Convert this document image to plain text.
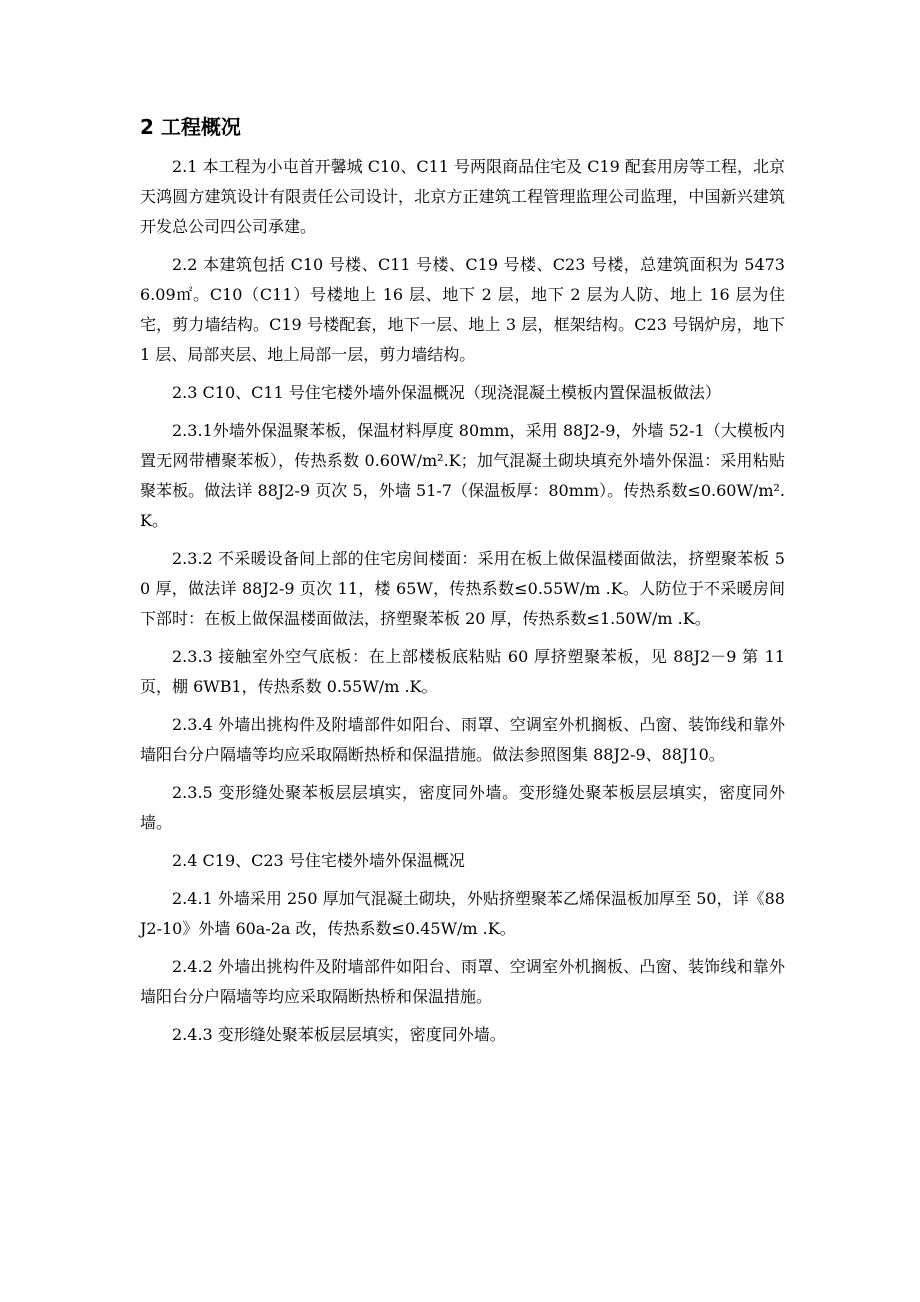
2 工程概况

2.1 本工程为小屯首开馨城 C10、C11 号两限商品住宅及 C19 配套用房等工程，北京天鸿圆方建筑设计有限责任公司设计，北京方正建筑工程管理监理公司监理，中国新兴建筑开发总公司四公司承建。

2.2 本建筑包括 C10 号楼、C11 号楼、C19 号楼、C23 号楼，总建筑面积为 54736.09㎡。C10（C11）号楼地上 16 层、地下 2 层，地下 2 层为人防、地上 16 层为住宅，剪力墙结构。C19 号楼配套，地下一层、地上 3 层，框架结构。C23 号锅炉房，地下 1 层、局部夹层、地上局部一层，剪力墙结构。

2.3 C10、C11 号住宅楼外墙外保温概况（现浇混凝土模板内置保温板做法）

2.3.1外墙外保温聚苯板，保温材料厚度 80mm，采用 88J2-9，外墙 52-1（大模板内置无网带槽聚苯板），传热系数 0.60W/m².K；加气混凝土砌块填充外墙外保温：采用粘贴聚苯板。做法详 88J2-9 页次 5，外墙 51-7（保温板厚：80mm）。传热系数≤0.60W/m².K。

2.3.2 不采暖设备间上部的住宅房间楼面：采用在板上做保温楼面做法，挤塑聚苯板 50 厚，做法详 88J2-9 页次 11，楼 65W，传热系数≤0.55W/m .K。人防位于不采暖房间下部时：在板上做保温楼面做法，挤塑聚苯板 20 厚，传热系数≤1.50W/m .K。

2.3.3 接触室外空气底板：在上部楼板底粘贴 60 厚挤塑聚苯板，见 88J2－9 第 11 页，棚 6WB1，传热系数 0.55W/m .K。

2.3.4 外墙出挑构件及附墙部件如阳台、雨罩、空调室外机搁板、凸窗、装饰线和靠外墙阳台分户隔墙等均应采取隔断热桥和保温措施。做法参照图集 88J2-9、88J10。

2.3.5 变形缝处聚苯板层层填实，密度同外墙。变形缝处聚苯板层层填实，密度同外墙。

2.4 C19、C23 号住宅楼外墙外保温概况

2.4.1 外墙采用 250 厚加气混凝土砌块，外贴挤塑聚苯乙烯保温板加厚至 50，详《88J2-10》外墙 60a-2a 改，传热系数≤0.45W/m .K。

2.4.2 外墙出挑构件及附墙部件如阳台、雨罩、空调室外机搁板、凸窗、装饰线和靠外墙阳台分户隔墙等均应采取隔断热桥和保温措施。

2.4.3 变形缝处聚苯板层层填实，密度同外墙。
